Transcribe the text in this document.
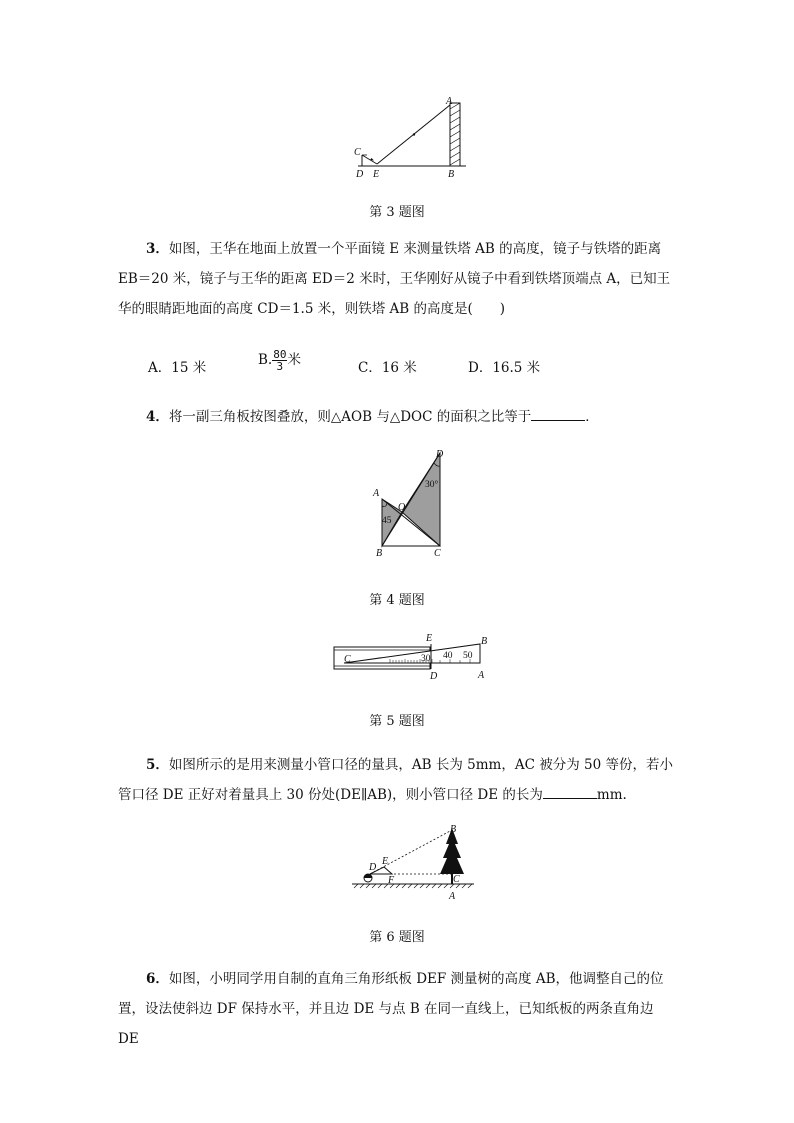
A
B
C
D E
第 3 题图
3．如图，王华在地面上放置一个平面镜 E 来测量铁塔 AB 的高度，镜子与铁塔的距离
EB＝20 米，镜子与王华的距离 ED＝2 米时，王华刚好从镜子中看到铁塔顶端点 A，已知王
华的眼睛距地面的高度 CD＝1.5 米，则铁塔 AB 的高度是(　　)
A．15 米	B. $\frac{80}{3}$ 米	C．16 米	D．16.5 米
4．将一副三角板按图叠放，则△AOB 与△DOC 的面积之比等于	．
A
B	C
D
O
45
30°
第 4 题图
30 40 50
C
E
D
B
A
第 5 题图
5．如图所示的是用来测量小管口径的量具，AB 长为 5mm，AC 被分为 50 等份，若小
管口径 DE 正好对着量具上 30 份处(DE∥AB)，则小管口径 DE 的长为	mm.
B
C
A
D
E
F
第 6 题图
6．如图，小明同学用自制的直角三角形纸板 DEF 测量树的高度 AB，他调整自己的位
置，设法使斜边 DF 保持水平，并且边 DE 与点 B 在同一直线上，已知纸板的两条直角边 DE
